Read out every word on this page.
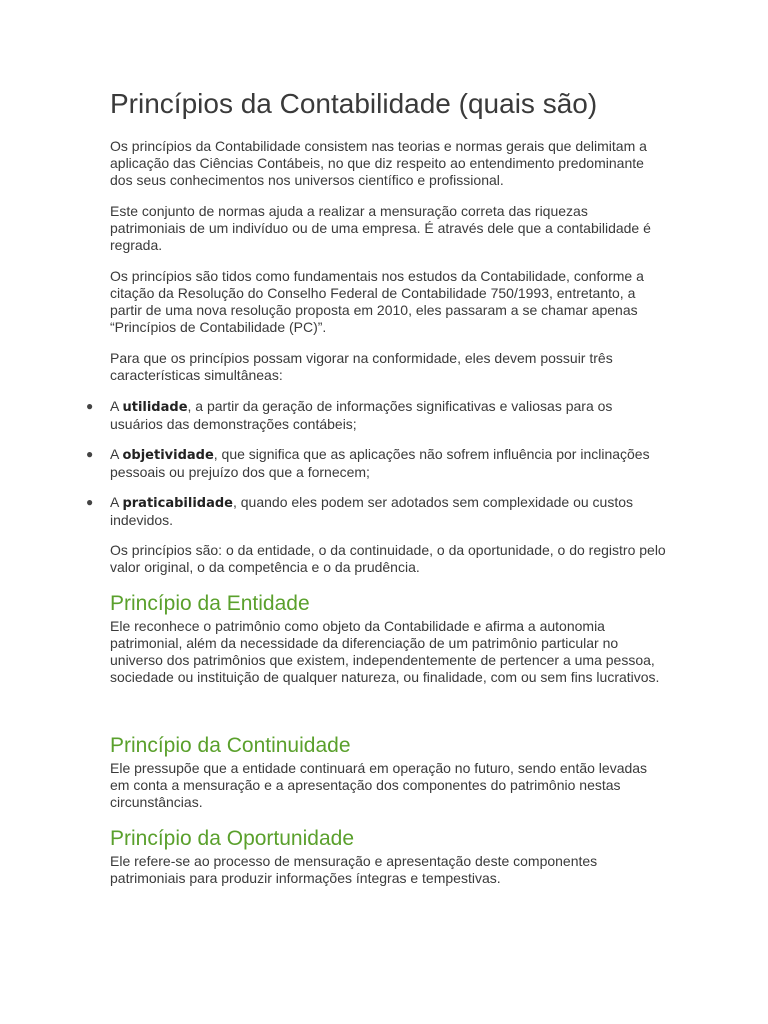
Princípios da Contabilidade (quais são)

Os princípios da Contabilidade consistem nas teorias e normas gerais que delimitam a aplicação das Ciências Contábeis, no que diz respeito ao entendimento predominante dos seus conhecimentos nos universos científico e profissional.

Este conjunto de normas ajuda a realizar a mensuração correta das riquezas patrimoniais de um indivíduo ou de uma empresa. É através dele que a contabilidade é regrada.

Os princípios são tidos como fundamentais nos estudos da Contabilidade, conforme a citação da Resolução do Conselho Federal de Contabilidade 750/1993, entretanto, a partir de uma nova resolução proposta em 2010, eles passaram a se chamar apenas “Princípios de Contabilidade (PC)”.

Para que os princípios possam vigorar na conformidade, eles devem possuir três características simultâneas:

● A utilidade, a partir da geração de informações significativas e valiosas para os usuários das demonstrações contábeis;
● A objetividade, que significa que as aplicações não sofrem influência por inclinações pessoais ou prejuízo dos que a fornecem;
● A praticabilidade, quando eles podem ser adotados sem complexidade ou custos indevidos.

Os princípios são: o da entidade, o da continuidade, o da oportunidade, o do registro pelo valor original, o da competência e o da prudência.

Princípio da Entidade

Ele reconhece o patrimônio como objeto da Contabilidade e afirma a autonomia patrimonial, além da necessidade da diferenciação de um patrimônio particular no universo dos patrimônios que existem, independentemente de pertencer a uma pessoa, sociedade ou instituição de qualquer natureza, ou finalidade, com ou sem fins lucrativos.

Princípio da Continuidade

Ele pressupõe que a entidade continuará em operação no futuro, sendo então levadas em conta a mensuração e a apresentação dos componentes do patrimônio nestas circunstâncias.

Princípio da Oportunidade

Ele refere-se ao processo de mensuração e apresentação deste componentes patrimoniais para produzir informações íntegras e tempestivas.
